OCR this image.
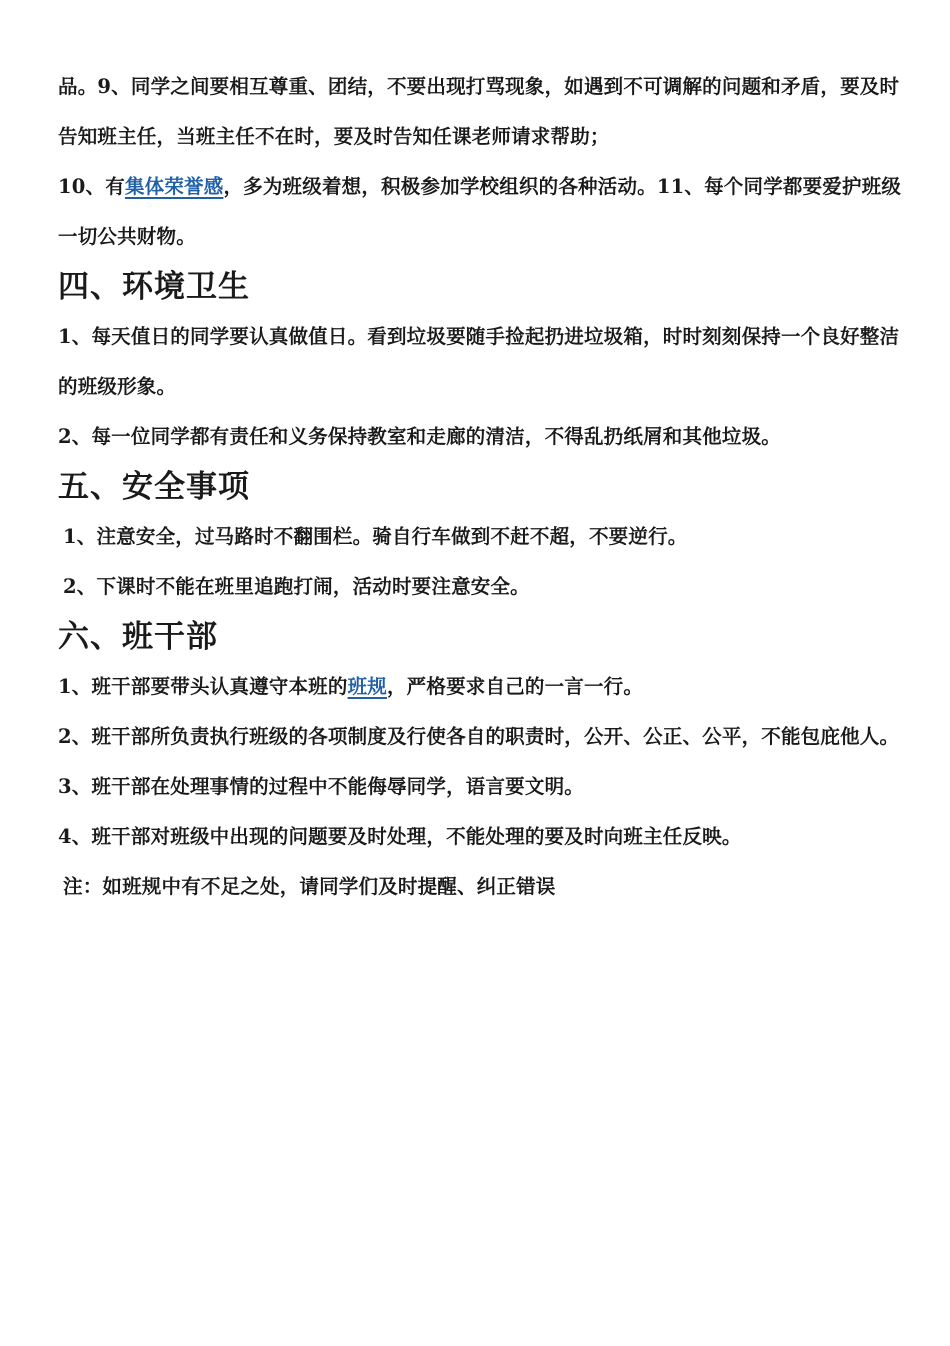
品。9、同学之间要相互尊重、团结，不要出现打骂现象，如遇到不可调解的问题和矛盾，要及时告知班主任，当班主任不在时，要及时告知任课老师请求帮助；

10、有集体荣誉感，多为班级着想，积极参加学校组织的各种活动。11、每个同学都要爱护班级一切公共财物。

四、环境卫生

1、每天值日的同学要认真做值日。看到垃圾要随手捡起扔进垃圾箱，时时刻刻保持一个良好整洁的班级形象。

2、每一位同学都有责任和义务保持教室和走廊的清洁，不得乱扔纸屑和其他垃圾。

五、安全事项

1、注意安全，过马路时不翻围栏。骑自行车做到不赶不超，不要逆行。

2、下课时不能在班里追跑打闹，活动时要注意安全。

六、班干部

1、班干部要带头认真遵守本班的班规，严格要求自己的一言一行。

2、班干部所负责执行班级的各项制度及行使各自的职责时，公开、公正、公平，不能包庇他人。

3、班干部在处理事情的过程中不能侮辱同学，语言要文明。

4、班干部对班级中出现的问题要及时处理，不能处理的要及时向班主任反映。

注：如班规中有不足之处，请同学们及时提醒、纠正错误
